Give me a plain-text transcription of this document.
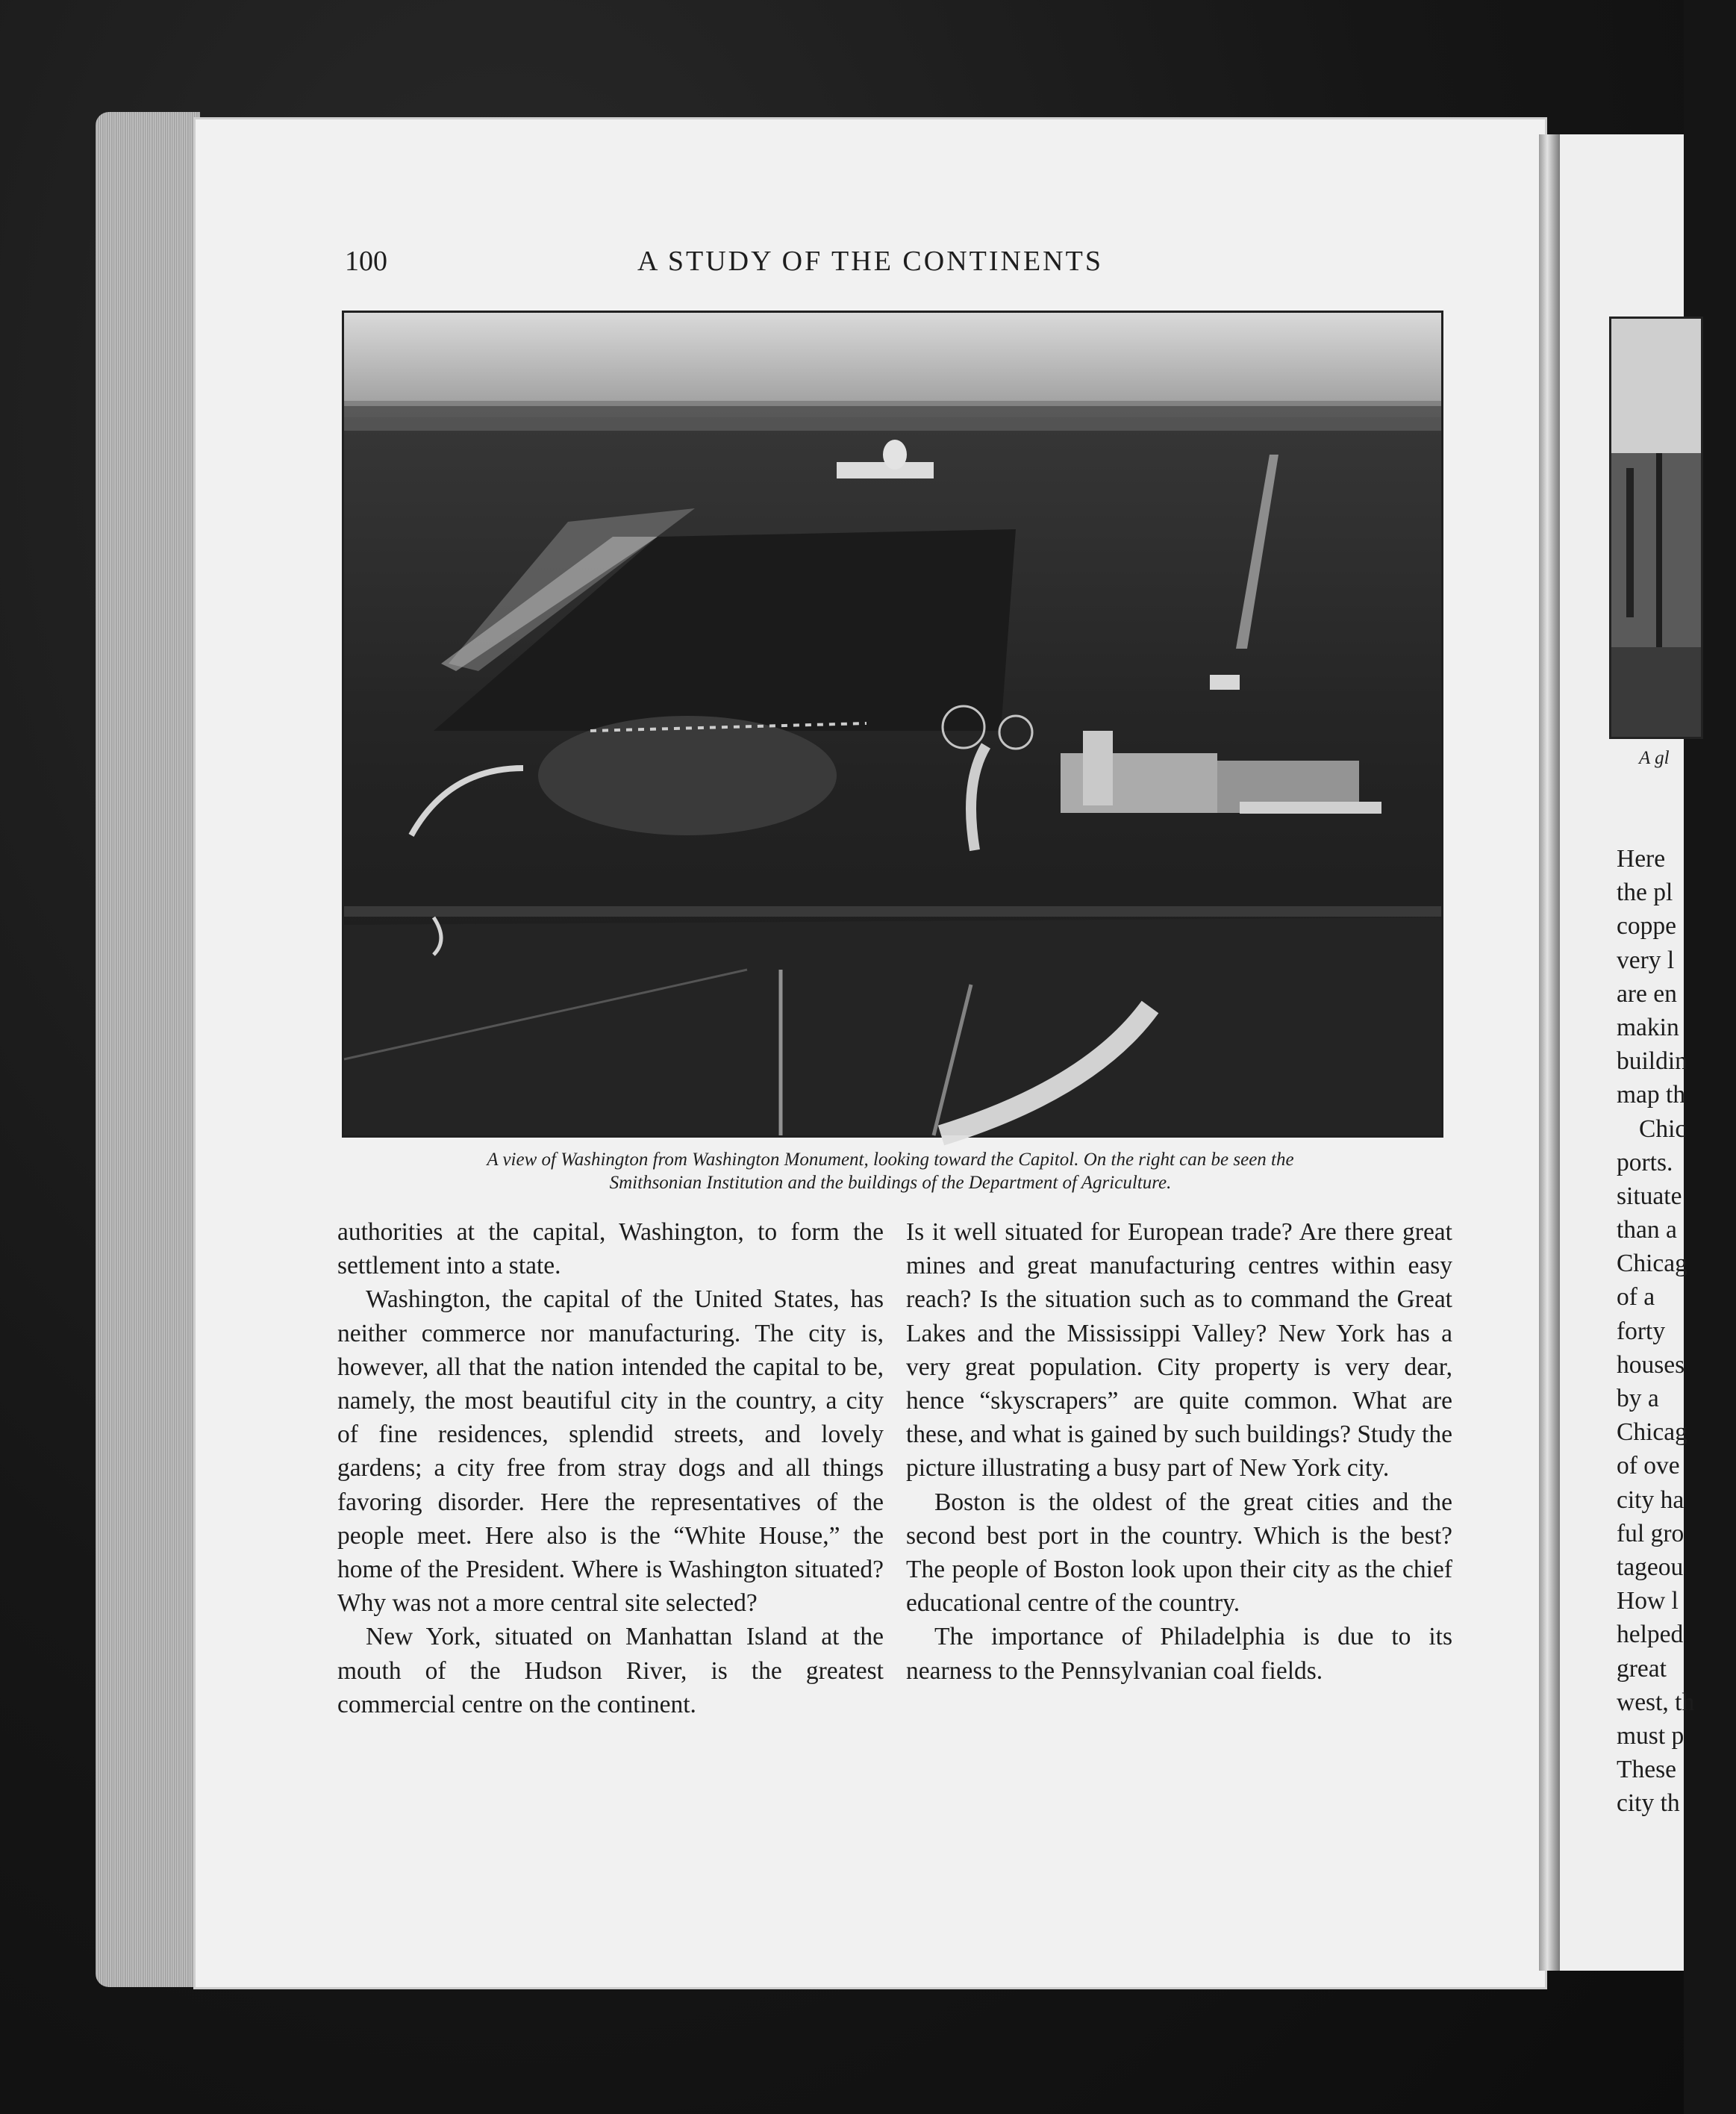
100	A STUDY OF THE CONTINENTS
A view of Washington from Washington Monument, looking toward the Capitol. On the right can be seen the
Smithsonian Institution and the buildings of the Department of Agriculture.

authorities at the capital, Washington, to form the settlement into a state.

Washington, the capital of the United States, has neither commerce nor manufacturing. The city is, however, all that the nation intended the capital to be, namely, the most beautiful city in the country, a city of fine residences, splendid streets, and lovely gardens; a city free from stray dogs and all things favoring disorder. Here the representatives of the people meet. Here also is the “White House,” the home of the President. Where is Washington situated? Why was not a more central site selected?

New York, situated on Manhattan Island at the mouth of the Hudson River, is the greatest commercial centre on the continent.

Is it well situated for European trade? Are there great mines and great manufacturing centres within easy reach? Is the situation such as to command the Great Lakes and the Mississippi Valley? New York has a very great population. City property is very dear, hence “skyscrapers” are quite common. What are these, and what is gained by such buildings? Study the picture illustrating a busy part of New York city.

Boston is the oldest of the great cities and the second best port in the country. Which is the best? The people of Boston look upon their city as the chief educational centre of the country.

The importance of Philadelphia is due to its nearness to the Pennsylvanian coal fields.

A gl
Here
the pl
coppe
very l
are en
makin
buildin
map th
Chic
ports.
situate
than a
Chicag
of a
forty
houses
by a
Chicag
of ove
city ha
ful gro
tageou
How l
helped
great
west, th
must p
These
city th
